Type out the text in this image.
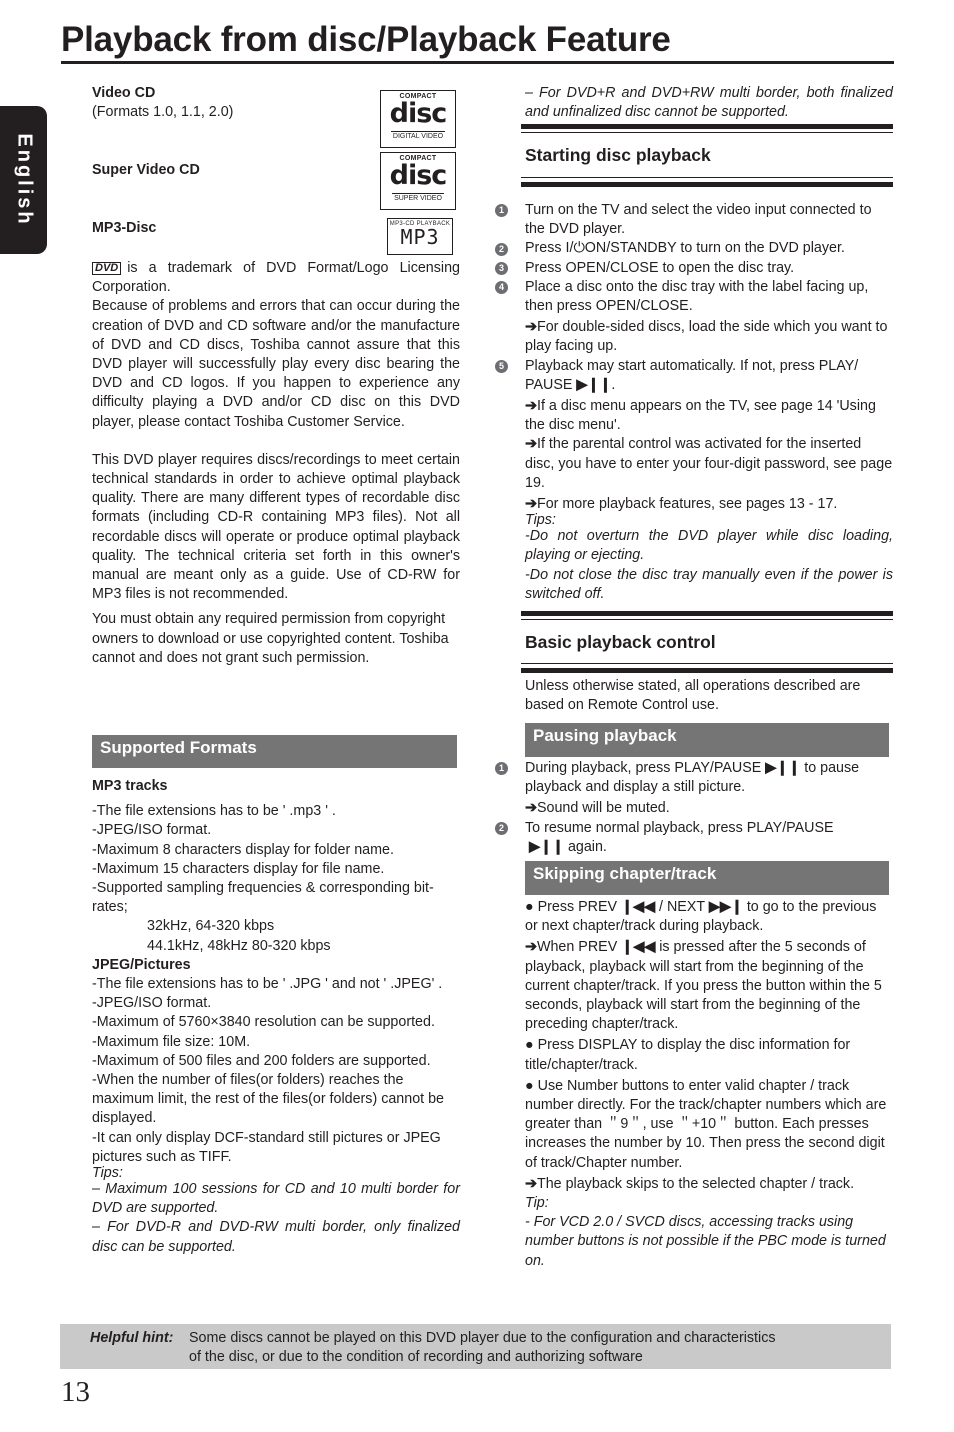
Playback from disc/Playback Feature
English

Video CD

(Formats 1.0, 1.1, 2.0)

COMPACT
disc
DIGITAL VIDEO
Super Video CD
COMPACT
disc
SUPER VIDEO
MP3-Disc	MP3-CD PLAYBACK
MP3

DVD is a trademark of DVD Format/Logo Licensing Corporation.

Because of problems and errors that can occur during the creation of DVD and CD software and/or the manufacture of DVD and CD discs, Toshiba cannot assure that this DVD player will successfully play every disc bearing the DVD and CD logos. If you happen to experience any difficulty playing a DVD and/or CD disc on this DVD player, please contact Toshiba Customer Service.

This DVD player requires discs/recordings to meet certain technical standards in order to achieve optimal playback quality. There are many different types of recordable disc formats (including CD-R containing MP3 files). Not all recordable discs will operate or produce optimal playback quality. The technical criteria set forth in this owner's manual are meant only as a guide. Use of CD-RW for MP3 files is not recommended.

You must obtain any required permission from copyright owners to download or use copyrighted content. Toshiba cannot and does not grant such permission.

Supported Formats

MP3 tracks

-The file extensions has to be ' .mp3 ' .

-JPEG/ISO format.

-Maximum 8 characters display for folder name.

-Maximum 15 characters display for file name.

-Supported sampling frequencies & corresponding bit-rates;

32kHz, 64-320 kbps

44.1kHz, 48kHz 80-320 kbps

JPEG/Pictures

-The file extensions has to be ' .JPG ' and not ' .JPEG' .

-JPEG/ISO format.

-Maximum of 5760×3840 resolution can be supported.

-Maximum file size: 10M.

-Maximum of 500 files and 200 folders are supported.

-When the number of files(or folders) reaches the maximum limit, the rest of the files(or folders) cannot be displayed.

-It can only display DCF-standard still pictures or JPEG pictures such as TIFF.

Tips:

– Maximum 100 sessions for CD and 10 multi border for DVD are supported.

– For DVD-R and DVD-RW multi border, only finalized disc can be supported.

– For DVD+R and DVD+RW multi border, both finalized and unfinalized disc cannot be supported.
Starting disc playback
1
2
3
4
5

Turn on the TV and select the video input connected to the DVD player.

Press I/⏻ON/STANDBY to turn on the DVD player.

Press OPEN/CLOSE to open the disc tray.

Place a disc onto the disc tray with the label facing up, then press OPEN/CLOSE.

➔For double-sided discs, load the side which you want to play facing up.

Playback may start automatically. If not, press PLAY/ PAUSE ▶❙❙.

➔If a disc menu appears on the TV, see page 14 'Using the disc menu'.

➔If the parental control was activated for the inserted disc, you have to enter your four-digit password, see page 19.

➔For more playback features, see pages 13 - 17.

Tips:

-Do not overturn the DVD player while disc loading, playing or ejecting.

-Do not close the disc tray manually even if the power is switched off.

Basic playback control
Unless otherwise stated, all operations described are based on Remote Control use.
Pausing playback
1
2

During playback, press PLAY/PAUSE ▶❙❙ to pause playback and display a still picture.

➔Sound will be muted.

To resume normal playback, press PLAY/PAUSE
▶❙❙ again.

Skipping chapter/track

● Press PREV ❙◀◀ / NEXT ▶▶❙ to go to the previous or next chapter/track during playback.

➔When PREV ❙◀◀ is pressed after the 5 seconds of playback, playback will start from the beginning of the current chapter/track. If you press the button within the 5 seconds, playback will start from the beginning of the preceding chapter/track.

● Press DISPLAY to display the disc information for title/chapter/track.

● Use Number buttons to enter valid chapter / track number directly. For the track/chapter numbers which are greater than ＂9＂, use ＂+10＂ button. Each presses increases the number by 10. Then press the second digit of track/Chapter number.

➔The playback skips to the selected chapter / track.

Tip:

- For VCD 2.0 / SVCD discs, accessing tracks using number buttons is not possible if the PBC mode is turned on.

Helpful hint: Some discs cannot be played on this DVD player due to the configuration and characteristics
of the disc, or due to the condition of recording and authorizing software
13
